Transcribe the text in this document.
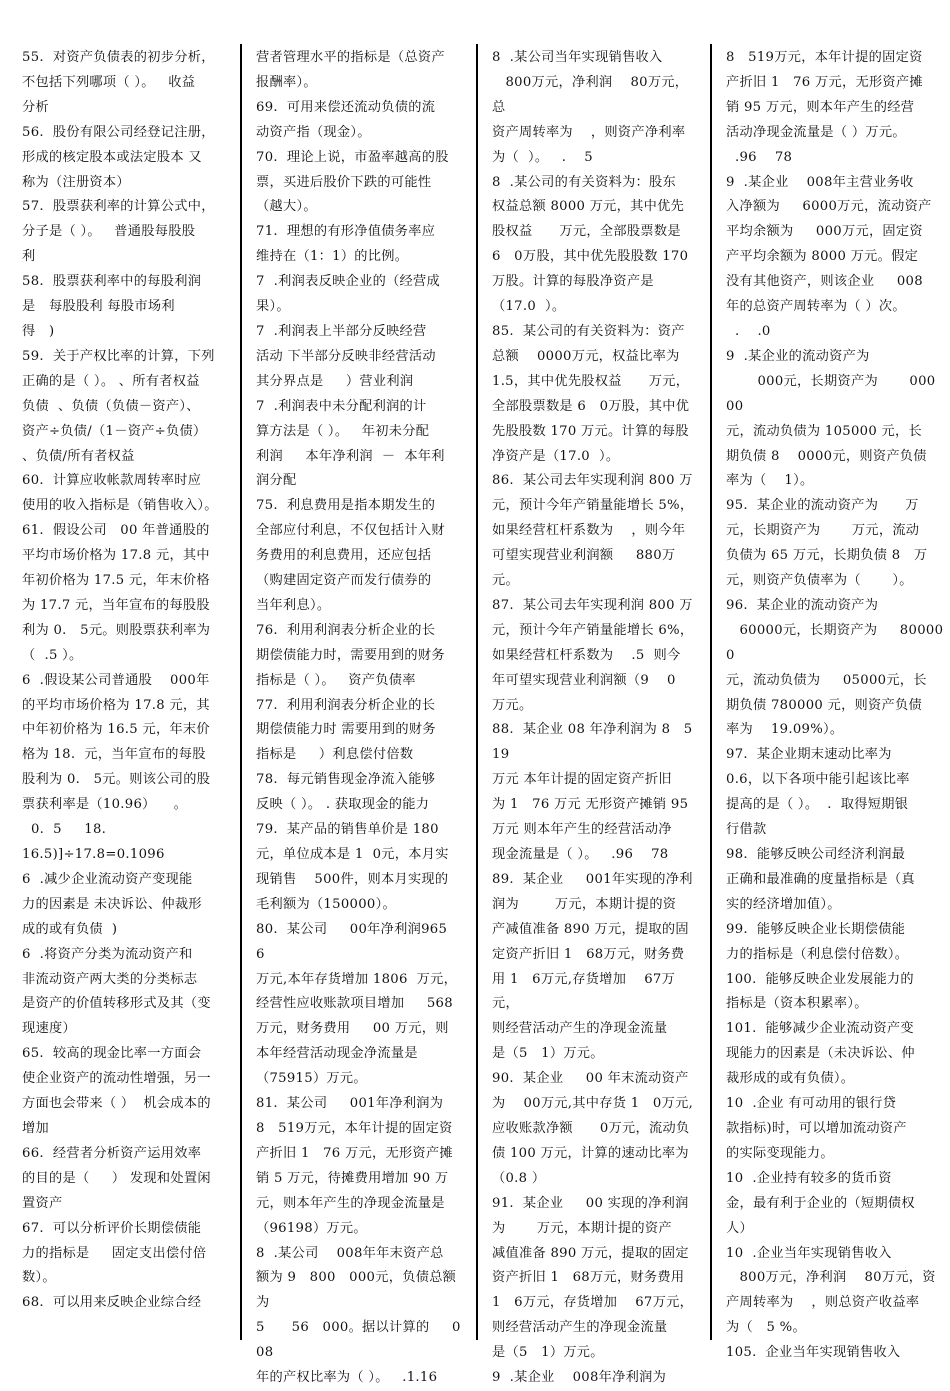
55.  对资产负债表的初步分析，

不包括下列哪项（ ）。   收益

分析

56.  股份有限公司经登记注册，

形成的核定股本或法定股本 又

称为（注册资本）

57.  股票获利率的计算公式中，

分子是（ ）。   普通股每股股

利

58.  股票获利率中的每股利润

是   每股股利 每股市场利

得   )

59.  关于产权比率的计算，下列

正确的是（ ）。 、所有者权益

负债  、负债（负债－资产）、

资产÷负债/（1－资产÷负债）

、负债/所有者权益

60.  计算应收帐款周转率时应

使用的收入指标是（销售收入）。

61.  假设公司   00 年普通股的

平均市场价格为 17.8 元，其中

年初价格为 17.5 元，年末价格

为 17.7 元，当年宣布的每股股

利为 0.   5元。则股票获利率为

（  .5 ）。

6  .假设某公司普通股    000年

的平均市场价格为 17.8 元，其

中年初价格为 16.5 元，年末价

格为 18.  元，当年宣布的每股

股利为 0.   5元。则该公司的股

票获利率是（10.96）    。

0.  5     18.

16.5)]÷17.8=0.1096

6  .减少企业流动资产变现能

力的因素是 未决诉讼、仲裁形

成的或有负债  )

6  .将资产分类为流动资产和

非流动资产两大类的分类标志

是资产的价值转移形式及其（变

现速度）

65.  较高的现金比率一方面会

使企业资产的流动性增强，另一

方面也会带来（ ）  机会成本的

增加

66.  经营者分析资产运用效率

的目的是（     ） 发现和处置闲

置资产

67.  可以分析评价长期偿债能

力的指标是     固定支出偿付倍

数）。

68.  可以用来反映企业综合经

营者管理水平的指标是（总资产

报酬率）。

69.  可用来偿还流动负债的流

动资产指（现金）。

70.  理论上说，市盈率越高的股

票，买进后股价下跌的可能性

（越大）。

71.  理想的有形净值债务率应

维持在（1：1）的比例。

7  .利润表反映企业的（经营成

果）。

7  .利润表上半部分反映经营

活动 下半部分反映非经营活动

其分界点是     ）营业利润

7  .利润表中未分配利润的计

算方法是（ ）。   年初未分配

利润     本年净利润  －  本年利

润分配

75.  利息费用是指本期发生的

全部应付利息，不仅包括计入财

务费用的利息费用，还应包括

（购建固定资产而发行债券的

当年利息）。

76.  利用利润表分析企业的长

期偿债能力时，需要用到的财务

指标是（ ）。   资产负债率

77.  利用利润表分析企业的长

期偿债能力时 需要用到的财务

指标是     ）利息偿付倍数

78.  每元销售现金净流入能够

反映（ ）。 . 获取现金的能力

79.  某产品的销售单价是 180

元，单位成本是 1  0元，本月实

现销售    500件，则本月实现的

毛利额为（150000）。

80.  某公司     00年净利润965   6

万元,本年存货增加 1806  万元，

经营性应收账款项目增加     568

万元，财务费用     00 万元，则

本年经营活动现金净流量是

（75915）万元。

81.  某公司     001年净利润为

8   519万元，本年计提的固定资

产折旧 1   76 万元，无形资产摊

销 5 万元，待摊费用增加 90 万

元，则本年产生的净现金流量是

（96198）万元。

8  .某公司    008年年末资产总

额为 9   800   000元，负债总额为

5      56   000。据以计算的     008

年的产权比率为（ ）。   .1.16

8  .某公司当年实现销售收入

800万元，净利润    80万元，总

资产周转率为    ，则资产净利率

为（  ）。   .    5

8  .某公司的有关资料为：股东

权益总额 8000 万元，其中优先

股权益      万元，全部股票数是

6   0万股，其中优先股股数 170

万股。计算的每股净资产是

（17.0  ）。

85.  某公司的有关资料为：资产

总额    0000万元，权益比率为

1.5，其中优先股权益      万元，

全部股票数是 6   0万股，其中优

先股股数 170 万元。计算的每股

净资产是（17.0  ）。

86.  某公司去年实现利润 800 万

元，预计今年产销量能增长 5%，

如果经营杠杆系数为    ，则今年

可望实现营业利润额     880万

元。

87.  某公司去年实现利润 800 万

元，预计今年产销量能增长 6%，

如果经营杠杆系数为    .5  则今

年可望实现营业利润额（9    0

万元。

88.  某企业 08 年净利润为 8   519

万元 本年计提的固定资产折旧

为 1   76 万元 无形资产摊销 95

万元 则本年产生的经营活动净

现金流量是（ ）。   .96    78

89.  某企业     001年实现的净利

润为        万元，本期计提的资

产减值准备 890 万元，提取的固

定资产折旧 1   68万元，财务费

用 1   6万元,存货增加    67万元，

则经营活动产生的净现金流量

是（5   1）万元。

90.  某企业     00 年末流动资产

为    00万元,其中存货 1   0万元,

应收账款净额      0万元，流动负

债 100 万元，计算的速动比率为

（0.8 ）

91.  某企业     00 实现的净利润

为       万元，本期计提的资产

减值准备 890 万元，提取的固定

资产折旧 1   68万元，财务费用

1   6万元，存货增加    67万元，

则经营活动产生的净现金流量

是（5   1）万元。

9  .某企业    008年净利润为

8   519万元，本年计提的固定资

产折旧 1   76 万元，无形资产摊

销 95 万元，则本年产生的经营

活动净现金流量是（ ）万元。

.96    78

9  .某企业    008年主营业务收

入净额为     6000万元，流动资产

平均余额为     000万元，固定资

产平均余额为 8000 万元。假定

没有其他资产，则该企业     008

年的总资产周转率为（ ）次。

.    .0

9  .某企业的流动资产为

000元，长期资产为       00000

元，流动负债为 105000 元，长

期负债 8    0000元，则资产负债

率为（    1）。

95.  某企业的流动资产为      万

元，长期资产为       万元，流动

负债为 65 万元，长期负债 8   万

元，则资产负债率为（       ）。

96.  某企业的流动资产为

60000元，长期资产为     800000

元，流动负债为     05000元，长

期负债 780000 元，则资产负债

率为    19.09%）。

97.  某企业期末速动比率为

0.6，以下各项中能引起该比率

提高的是（ ）。  .  取得短期银

行借款

98.  能够反映公司经济利润最

正确和最准确的度量指标是（真

实的经济增加值）。

99.  能够反映企业长期偿债能

力的指标是（利息偿付倍数）。

100.  能够反映企业发展能力的

指标是（资本积累率）。

101.  能够减少企业流动资产变

现能力的因素是（未决诉讼、仲

裁形成的或有负债）。

10  .企业 有可动用的银行贷

款指标)时，可以增加流动资产

的实际变现能力。

10  .企业持有较多的货币资

金，最有利于企业的（短期债权

人）

10  .企业当年实现销售收入

800万元，净利润    80万元，资

产周转率为    ，则总资产收益率

为（   5 %。

105.  企业当年实现销售收入
